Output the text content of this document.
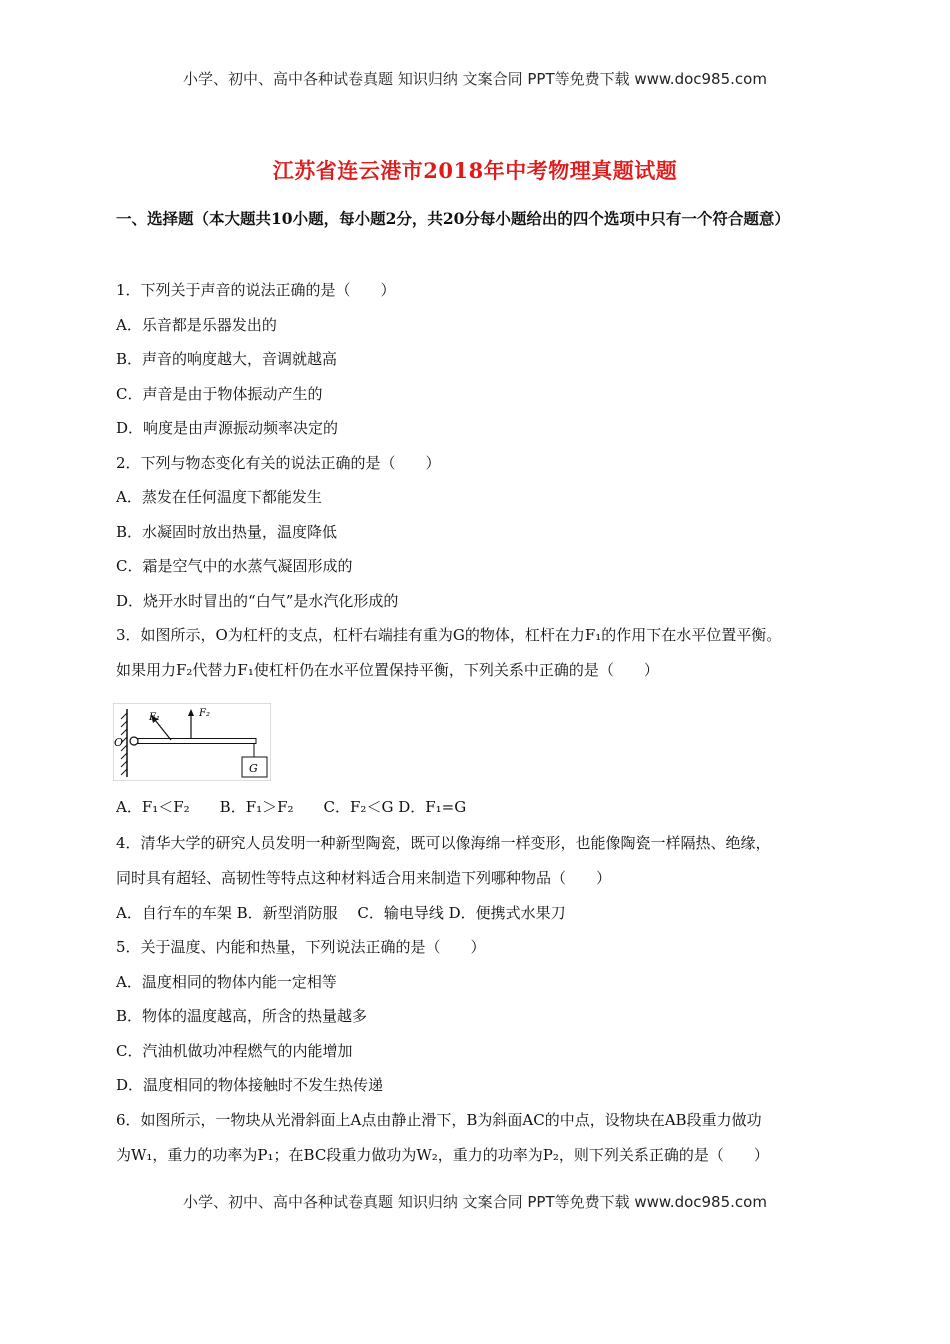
小学、初中、高中各种试卷真题 知识归纳 文案合同 PPT等免费下载 www.doc985.com
江苏省连云港市2018年中考物理真题试题
一、选择题（本大题共10小题，每小题2分，共20分每小题给出的四个选项中只有一个符合题意）
1．下列关于声音的说法正确的是（　　）
A．乐音都是乐器发出的
B．声音的响度越大，音调就越高
C．声音是由于物体振动产生的
D．响度是由声源振动频率决定的
2．下列与物态变化有关的说法正确的是（　　）
A．蒸发在任何温度下都能发生
B．水凝固时放出热量，温度降低
C．霜是空气中的水蒸气凝固形成的
D．烧开水时冒出的“白气”是水汽化形成的
3．如图所示，O为杠杆的支点，杠杆右端挂有重为G的物体，杠杆在力F₁的作用下在水平位置平衡。
如果用力F₂代替力F₁使杠杆仍在水平位置保持平衡，下列关系中正确的是（　　）
O
F₁	F₂
G
A．F₁＜F₂　　B．F₁＞F₂　　C．F₂＜G D．F₁=G
4．清华大学的研究人员发明一种新型陶瓷，既可以像海绵一样变形，也能像陶瓷一样隔热、绝缘，
同时具有超轻、高韧性等特点这种材料适合用来制造下列哪种物品（　　）
A．自行车的车架 B．新型消防服　 C．输电导线 D．便携式水果刀
5．关于温度、内能和热量，下列说法正确的是（　　）
A．温度相同的物体内能一定相等
B．物体的温度越高，所含的热量越多
C．汽油机做功冲程燃气的内能增加
D．温度相同的物体接触时不发生热传递
6．如图所示，一物块从光滑斜面上A点由静止滑下，B为斜面AC的中点，设物块在AB段重力做功
为W₁，重力的功率为P₁；在BC段重力做功为W₂，重力的功率为P₂，则下列关系正确的是（　　）
小学、初中、高中各种试卷真题 知识归纳 文案合同 PPT等免费下载 www.doc985.com
